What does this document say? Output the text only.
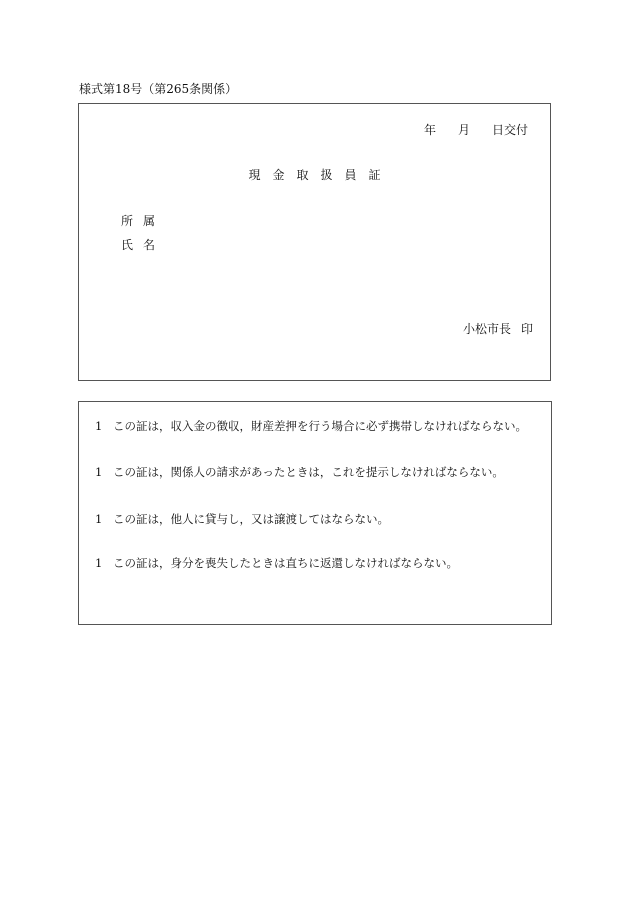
様式第18号（第265条関係）
年 月 日交付
現金取扱員証
所属
氏名
小松市長 印
1 この証は，収入金の徴収，財産差押を行う場合に必ず携帯しなければならない。
1 この証は，関係人の請求があったときは，これを提示しなければならない。
1 この証は，他人に貸与し，又は譲渡してはならない。
1 この証は，身分を喪失したときは直ちに返還しなければならない。
